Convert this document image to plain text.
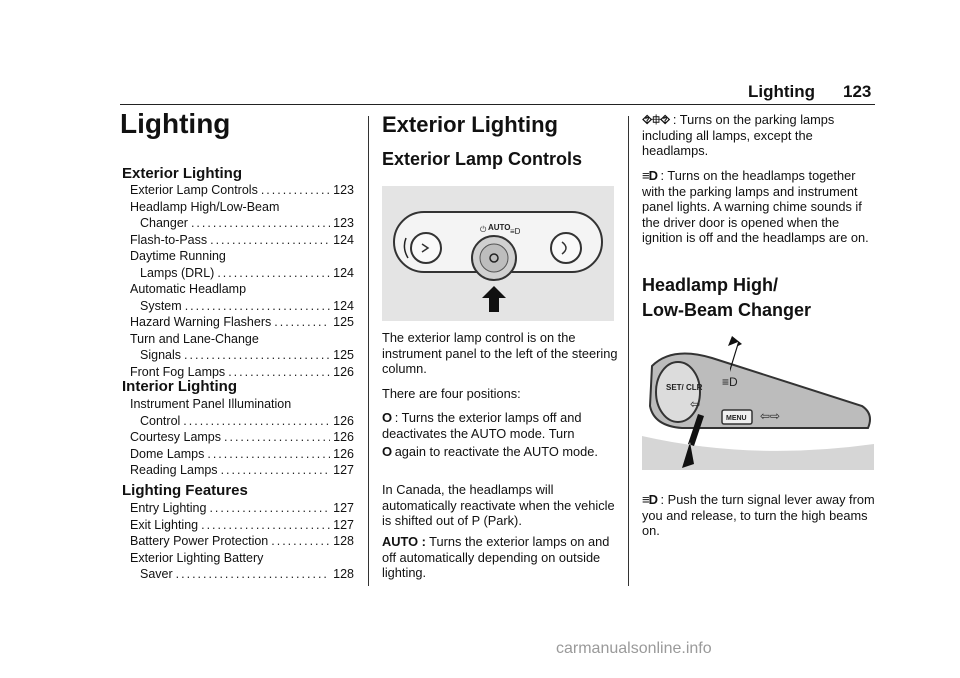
Lighting 123
Lighting
Exterior Lighting
Exterior Lamp Controls .....	123
Headlamp High/Low-Beam
Changer .....	123
Flash-to-Pass .....	124
Daytime Running
Lamps (DRL) .....	124
Automatic Headlamp
System .....	124
Hazard Warning Flashers .....	125
Turn and Lane-Change
Signals .....	125
Front Fog Lamps .....	126
Interior Lighting
Instrument Panel Illumination
Control .....	126
Courtesy Lamps .....	126
Dome Lamps .....	126
Reading Lamps .....	127
Lighting Features
Entry Lighting .....	127
Exit Lighting .....	127
Battery Power Protection .....	128
Exterior Lighting Battery
Saver .....	128
Exterior Lighting
Exterior Lamp Controls
⏻ AUTO ≡D
The exterior lamp control is on the instrument panel to the left of the steering column.
There are four positions:
O : Turns the exterior lamps off and deactivates the AUTO mode. Turn
O again to reactivate the AUTO mode.
In Canada, the headlamps will automatically reactivate when the vehicle is shifted out of P (Park).
AUTO : Turns the exterior lamps on and off automatically depending on outside lighting.
⯑⯐⯑ : Turns on the parking lamps including all lamps, except the headlamps.
≡D : Turns on the headlamps together with the parking lamps and instrument panel lights. A warning chime sounds if the driver door is opened when the ignition is off and the headlamps are on.
Headlamp High/
Low-Beam Changer
SET/ CLR
MENU
≡D
⇦
⇦⇨
≡D : Push the turn signal lever away from you and release, to turn the high beams on.
carmanualsonline.info
